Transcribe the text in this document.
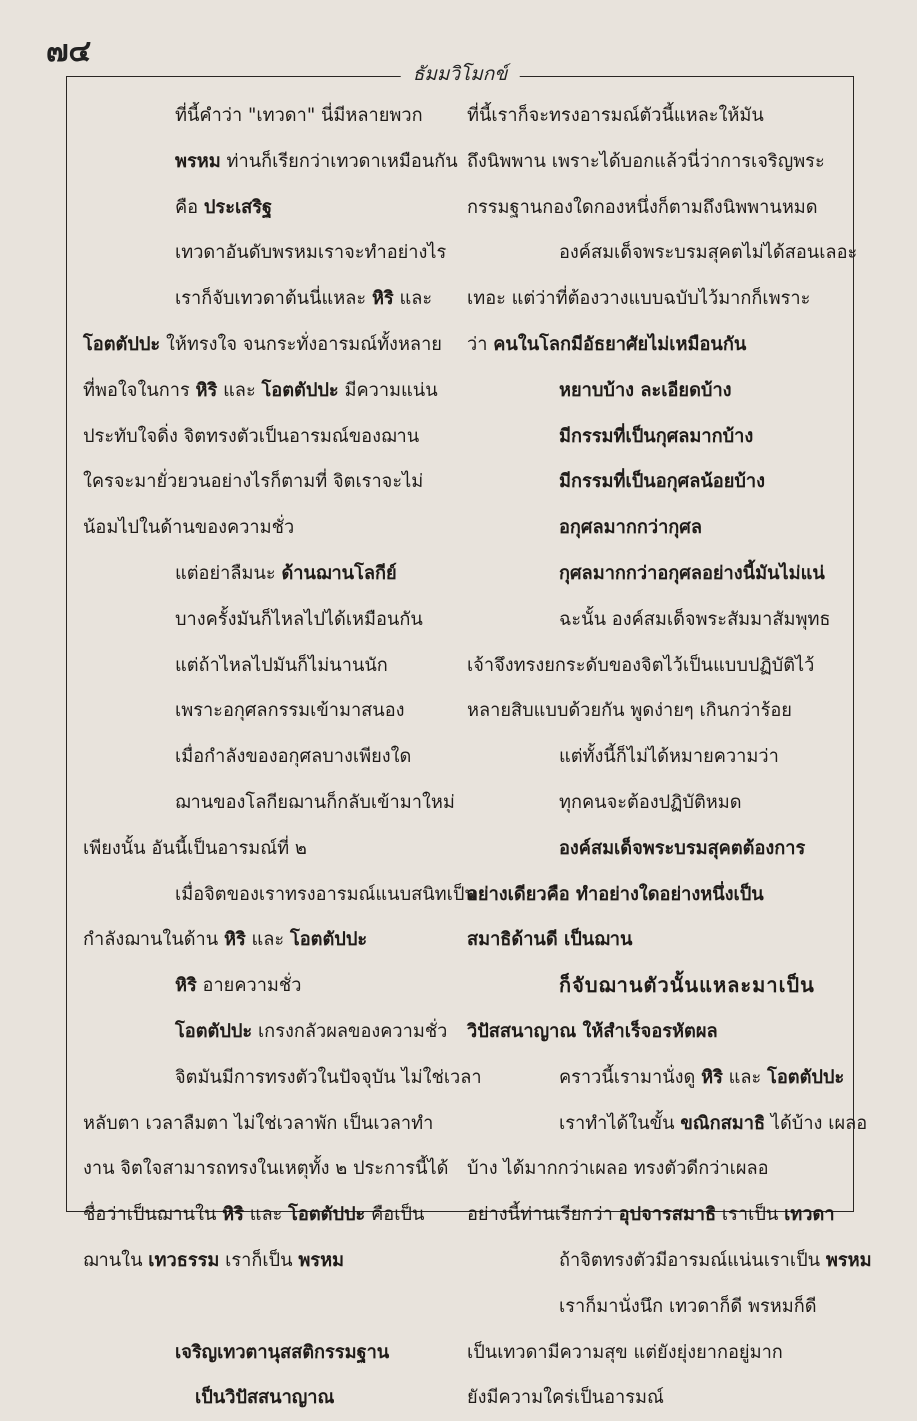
๗๔
ธัมมวิโมกข์
ที่นี้คำว่า "เทวดา" นี่มีหลายพวก
พรหม ท่านก็เรียกว่าเทวดาเหมือนกัน
คือ ประเสริฐ
เทวดาอันดับพรหมเราจะทำอย่างไร
เราก็จับเทวดาต้นนี่แหละ หิริ และ
โอตตัปปะ ให้ทรงใจ จนกระทั่งอารมณ์ทั้งหลาย
ที่พอใจในการ หิริ และ โอตตัปปะ มีความแน่น
ประทับใจดิ่ง จิตทรงตัวเป็นอารมณ์ของฌาน
ใครจะมายั่วยวนอย่างไรก็ตามที่ จิตเราจะไม่
น้อมไปในด้านของความชั่ว
แต่อย่าลืมนะ ด้านฌานโลกีย์
บางครั้งมันก็ไหลไปได้เหมือนกัน
แต่ถ้าไหลไปมันก็ไม่นานนัก
เพราะอกุศลกรรมเข้ามาสนอง
เมื่อกำลังของอกุศลบางเพียงใด
ฌานของโลกียฌานก็กลับเข้ามาใหม่
เพียงนั้น อันนี้เป็นอารมณ์ที่ ๒
เมื่อจิตของเราทรงอารมณ์แนบสนิทเป็น
กำลังฌานในด้าน หิริ และ โอตตัปปะ
หิริ อายความชั่ว
โอตตัปปะ เกรงกลัวผลของความชั่ว
จิตมันมีการทรงตัวในปัจจุบัน ไม่ใช่เวลา
หลับตา เวลาลืมตา ไม่ใช่เวลาพัก เป็นเวลาทำ
งาน จิตใจสามารถทรงในเหตุทั้ง ๒ ประการนี้ได้
ชื่อว่าเป็นฌานใน หิริ และ โอตตัปปะ คือเป็น
ฌานใน เทวธรรม เราก็เป็น พรหม
เจริญเทวตานุสสติกรรมฐาน
เป็นวิปัสสนาญาณ
ที่นี้เราก็จะทรงอารมณ์ตัวนี้แหละให้มัน
ถึงนิพพาน เพราะได้บอกแล้วนี่ว่าการเจริญพระ
กรรมฐานกองใดกองหนึ่งก็ตามถึงนิพพานหมด
องค์สมเด็จพระบรมสุคตไม่ได้สอนเลอะ
เทอะ แต่ว่าที่ต้องวางแบบฉบับไว้มากก็เพราะ
ว่า คนในโลกมีอัธยาศัยไม่เหมือนกัน
หยาบบ้าง ละเอียดบ้าง
มีกรรมที่เป็นกุศลมากบ้าง
มีกรรมที่เป็นอกุศลน้อยบ้าง
อกุศลมากกว่ากุศล
กุศลมากกว่าอกุศลอย่างนี้มันไม่แน่
ฉะนั้น องค์สมเด็จพระสัมมาสัมพุทธ
เจ้าจึงทรงยกระดับของจิตไว้เป็นแบบปฏิบัติไว้
หลายสิบแบบด้วยกัน พูดง่ายๆ เกินกว่าร้อย
แต่ทั้งนี้ก็ไม่ได้หมายความว่า
ทุกคนจะต้องปฏิบัติหมด
องค์สมเด็จพระบรมสุคตต้องการ
อย่างเดียวคือ ทำอย่างใดอย่างหนึ่งเป็น
สมาธิด้านดี เป็นฌาน
ก็จับฌานตัวนั้นแหละมาเป็น
วิปัสสนาญาณ ให้สำเร็จอรหัตผล
คราวนี้เรามานั่งดู หิริ และ โอตตัปปะ
เราทำได้ในขั้น ขณิกสมาธิ ได้บ้าง เผลอ
บ้าง ได้มากกว่าเผลอ ทรงตัวดีกว่าเผลอ
อย่างนี้ท่านเรียกว่า อุปจารสมาธิ เราเป็น เทวดา
ถ้าจิตทรงตัวมีอารมณ์แน่นเราเป็น พรหม
เราก็มานั่งนึก เทวดาก็ดี พรหมก็ดี
เป็นเทวดามีความสุข แต่ยังยุ่งยากอยู่มาก
ยังมีความใคร่เป็นอารมณ์
